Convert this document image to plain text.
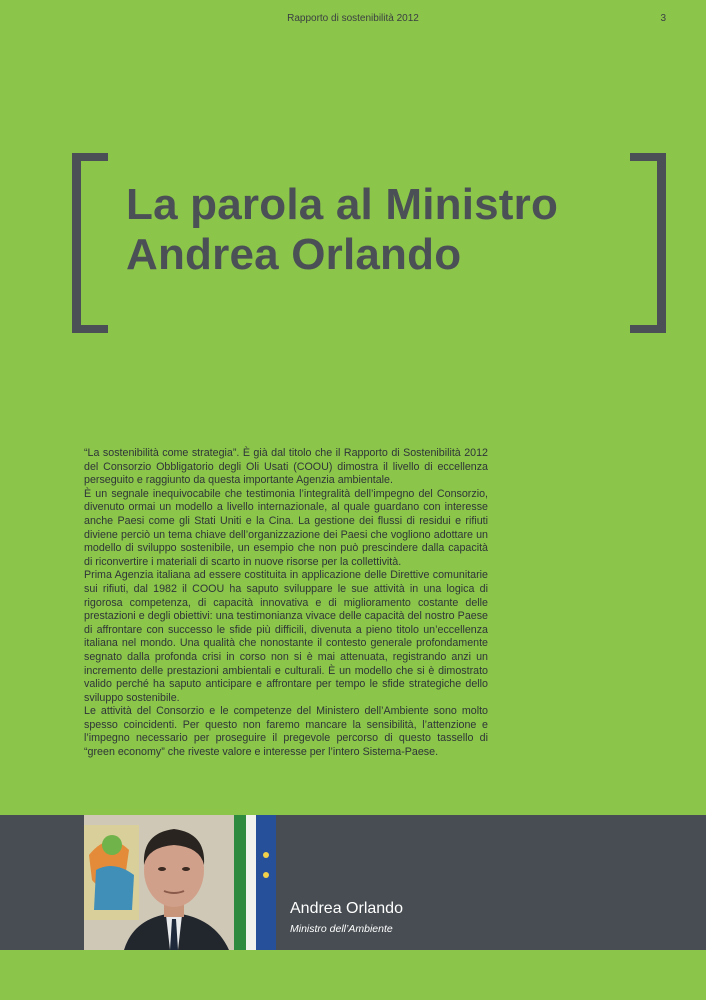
Rapporto di sostenibilità 2012	3
La parola al Ministro
Andrea Orlando

“La sostenibilità come strategia”. È già dal titolo che il Rapporto di Sostenibilità 2012 del Consorzio Obbligatorio degli Oli Usati (COOU) dimostra il livello di eccellenza perseguito e raggiunto da questa importante Agenzia ambientale.

È un segnale inequivocabile che testimonia l’integralità dell’impegno del Consorzio, divenuto ormai un modello a livello internazionale, al quale guardano con interesse anche Paesi come gli Stati Uniti e la Cina. La gestione dei flussi di residui e rifiuti diviene perciò un tema chiave dell’organizzazione dei Paesi che vogliono adottare un modello di sviluppo sostenibile, un esempio che non può prescindere dalla capacità di riconvertire i materiali di scarto in nuove risorse per la collettività.

Prima Agenzia italiana ad essere costituita in applicazione delle Direttive comunitarie sui rifiuti, dal 1982 il COOU ha saputo sviluppare le sue attività in una logica di rigorosa competenza, di capacità innovativa e di miglioramento costante delle prestazioni e degli obiettivi: una testimonianza vivace delle capacità del nostro Paese di affrontare con successo le sfide più difficili, divenuta a pieno titolo un’eccellenza italiana nel mondo. Una qualità che nonostante il contesto generale profondamente segnato dalla profonda crisi in corso non si è mai attenuata, registrando anzi un incremento delle prestazioni ambientali e culturali. È un modello che si è dimostrato valido perché ha saputo anticipare e affrontare per tempo le sfide strategiche dello sviluppo sostenibile.

Le attività del Consorzio e le competenze del Ministero dell’Ambiente sono molto spesso coincidenti. Per questo non faremo mancare la sensibilità, l’attenzione e l’impegno necessario per proseguire il pregevole percorso di questo tassello di “green economy” che riveste valore e interesse per l’intero Sistema-Paese.

Andrea Orlando
Ministro dell’Ambiente
